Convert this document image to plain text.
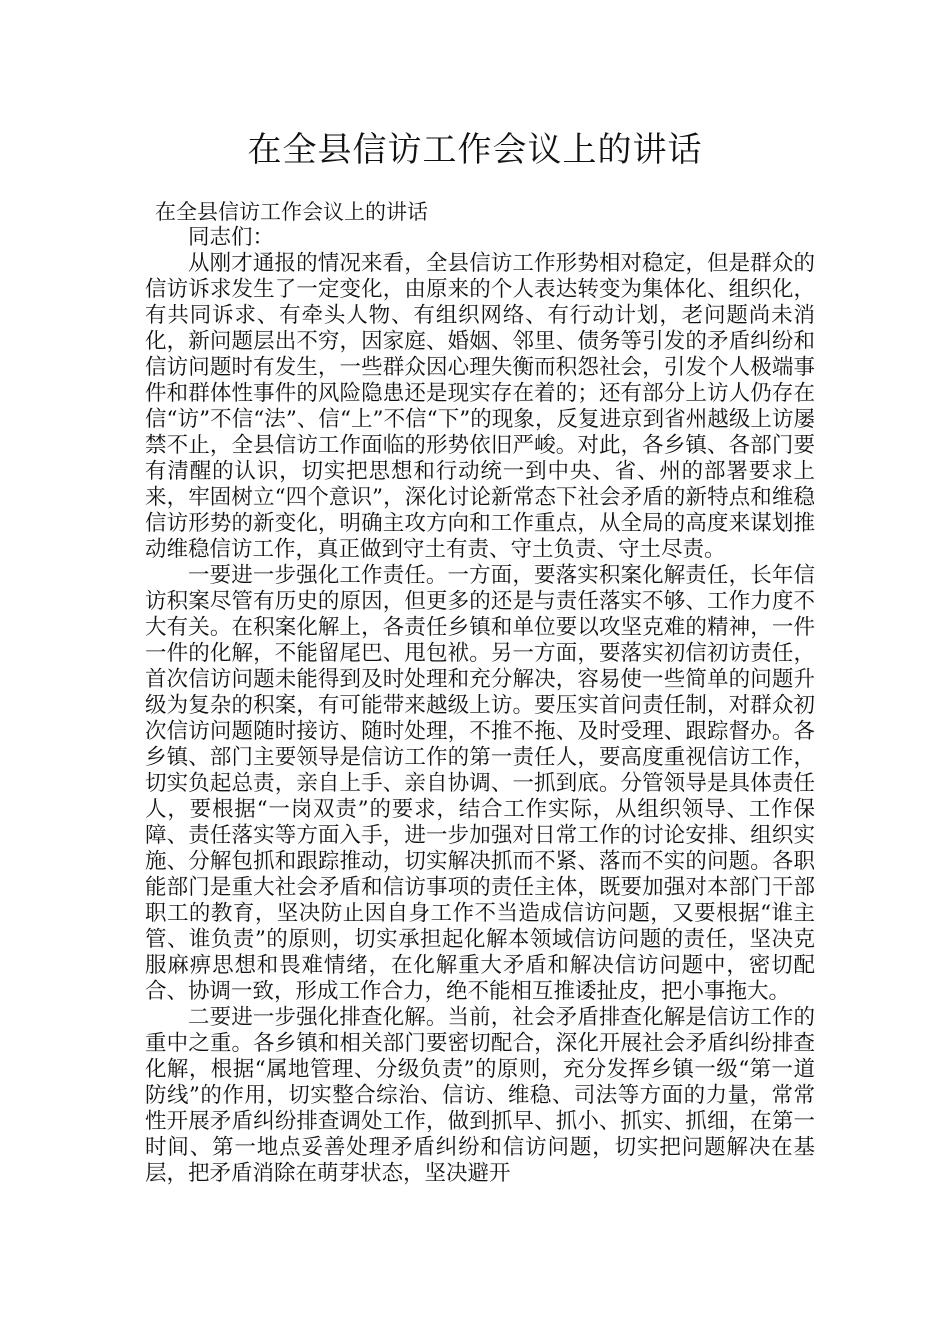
在全县信访工作会议上的讲话

在全县信访工作会议上的讲话

同志们：

从刚才通报的情况来看，全县信访工作形势相对稳定，但是群众的信访诉求发生了一定变化，由原来的个人表达转变为集体化、组织化，有共同诉求、有牵头人物、有组织网络、有行动计划，老问题尚未消化，新问题层出不穷，因家庭、婚姻、邻里、债务等引发的矛盾纠纷和信访问题时有发生，一些群众因心理失衡而积怨社会，引发个人极端事件和群体性事件的风险隐患还是现实存在着的；还有部分上访人仍存在信“访”不信“法”、信“上”不信“下”的现象，反复进京到省州越级上访屡禁不止，全县信访工作面临的形势依旧严峻。对此，各乡镇、各部门要有清醒的认识，切实把思想和行动统一到中央、省、州的部署要求上来，牢固树立“四个意识”，深化讨论新常态下社会矛盾的新特点和维稳信访形势的新变化，明确主攻方向和工作重点，从全局的高度来谋划推动维稳信访工作，真正做到守土有责、守土负责、守土尽责。

一要进一步强化工作责任。一方面，要落实积案化解责任，长年信访积案尽管有历史的原因，但更多的还是与责任落实不够、工作力度不大有关。在积案化解上，各责任乡镇和单位要以攻坚克难的精神，一件一件的化解，不能留尾巴、甩包袱。另一方面，要落实初信初访责任，首次信访问题未能得到及时处理和充分解决，容易使一些简单的问题升级为复杂的积案，有可能带来越级上访。要压实首问责任制，对群众初次信访问题随时接访、随时处理，不推不拖、及时受理、跟踪督办。各乡镇、部门主要领导是信访工作的第一责任人，要高度重视信访工作，切实负起总责，亲自上手、亲自协调、一抓到底。分管领导是具体责任人，要根据“一岗双责”的要求，结合工作实际，从组织领导、工作保障、责任落实等方面入手，进一步加强对日常工作的讨论安排、组织实施、分解包抓和跟踪推动，切实解决抓而不紧、落而不实的问题。各职能部门是重大社会矛盾和信访事项的责任主体，既要加强对本部门干部职工的教育，坚决防止因自身工作不当造成信访问题，又要根据“谁主管、谁负责”的原则，切实承担起化解本领域信访问题的责任，坚决克服麻痹思想和畏难情绪，在化解重大矛盾和解决信访问题中，密切配合、协调一致，形成工作合力，绝不能相互推诿扯皮，把小事拖大。

二要进一步强化排查化解。当前，社会矛盾排查化解是信访工作的重中之重。各乡镇和相关部门要密切配合，深化开展社会矛盾纠纷排查化解，根据“属地管理、分级负责”的原则，充分发挥乡镇一级“第一道防线”的作用，切实整合综治、信访、维稳、司法等方面的力量，常常性开展矛盾纠纷排查调处工作，做到抓早、抓小、抓实、抓细，在第一时间、第一地点妥善处理矛盾纠纷和信访问题，切实把问题解决在基层，把矛盾消除在萌芽状态，坚决避开
